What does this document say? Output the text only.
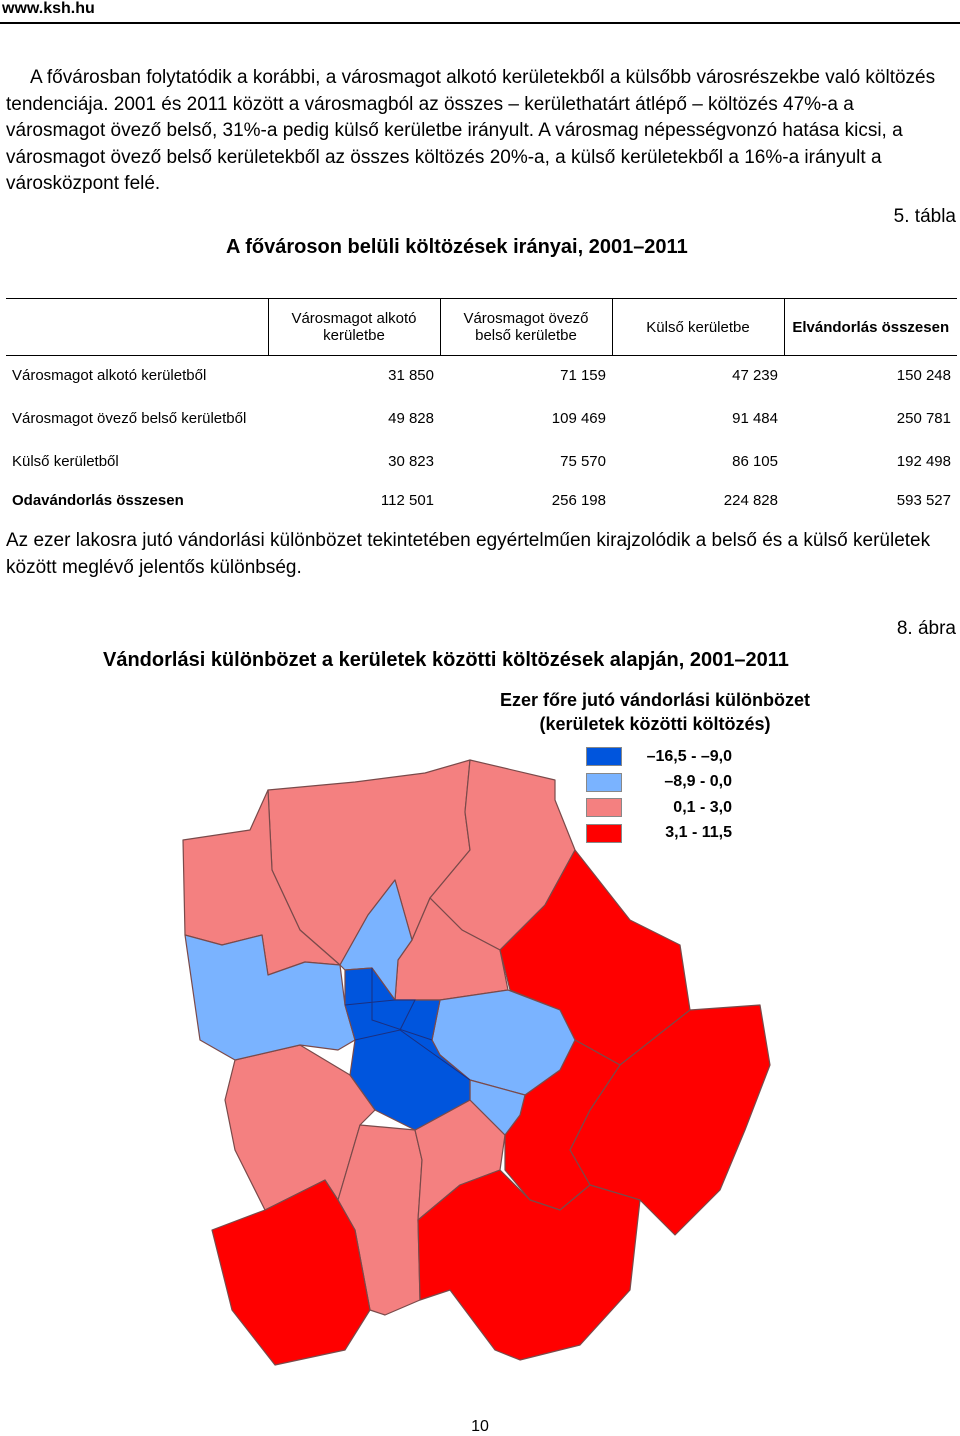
www.ksh.hu
A fővárosban folytatódik a korábbi, a városmagot alkotó kerületekből a külsőbb városrészekbe való költözés tendenciája. 2001 és 2011 között a városmagból az összes – kerülethatárt átlépő – költözés 47%-a a városmagot övező belső, 31%-a pedig külső kerületbe irányult. A városmag népességvonzó hatása kicsi, a városmagot övező belső kerületekből az összes költözés 20%-a, a külső kerületekből a 16%-a irányult a városközpont felé.
5. tábla
A fővároson belüli költözések irányai, 2001–2011
	Városmagot alkotó kerületbe	Városmagot övező belső kerületbe	Külső kerületbe	Elvándorlás összesen
Városmagot alkotó kerületből	31 850	71 159	47 239	150 248
Városmagot övező belső kerületből	49 828	109 469	91 484	250 781
Külső kerületből	30 823	75 570	86 105	192 498
Odavándorlás összesen	112 501	256 198	224 828	593 527
Az ezer lakosra jutó vándorlási különbözet tekintetében egyértelműen kirajzolódik a belső és a külső kerületek között meglévő jelentős különbség.
8. ábra
Vándorlási különbözet a kerületek közötti költözések alapján, 2001–2011
Ezer főre jutó vándorlási különbözet (kerületek közötti költözés)
–16,5 - –9,0
–8,9 - 0,0
0,1 - 3,0
3,1 - 11,5
10
